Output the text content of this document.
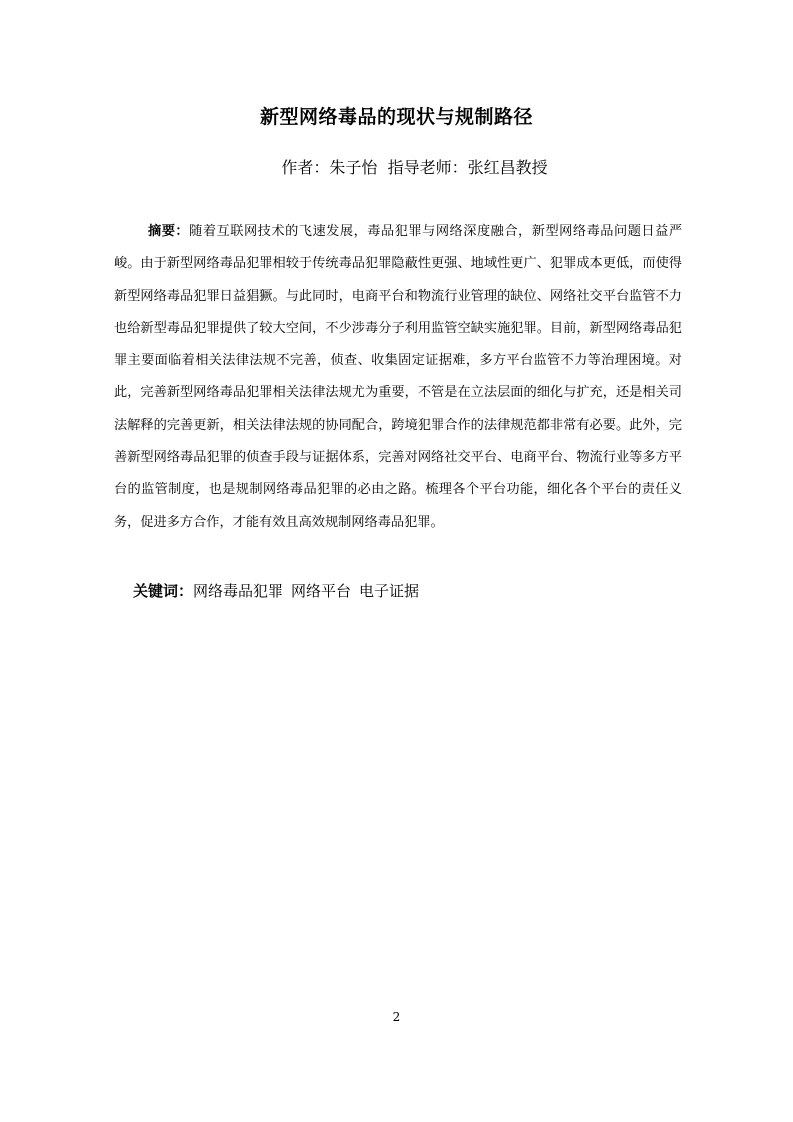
新型网络毒品的现状与规制路径
作者：朱子怡 指导老师：张红昌教授

摘要：随着互联网技术的飞速发展，毒品犯罪与网络深度融合，新型网络毒品问题日益严峻。由于新型网络毒品犯罪相较于传统毒品犯罪隐蔽性更强、地域性更广、犯罪成本更低，而使得新型网络毒品犯罪日益猖獗。与此同时，电商平台和物流行业管理的缺位、网络社交平台监管不力也给新型毒品犯罪提供了较大空间，不少涉毒分子利用监管空缺实施犯罪。目前，新型网络毒品犯罪主要面临着相关法律法规不完善，侦查、收集固定证据难，多方平台监管不力等治理困境。对此，完善新型网络毒品犯罪相关法律法规尤为重要，不管是在立法层面的细化与扩充，还是相关司法解释的完善更新，相关法律法规的协同配合，跨境犯罪合作的法律规范都非常有必要。此外，完善新型网络毒品犯罪的侦查手段与证据体系，完善对网络社交平台、电商平台、物流行业等多方平台的监管制度，也是规制网络毒品犯罪的必由之路。梳理各个平台功能，细化各个平台的责任义务，促进多方合作，才能有效且高效规制网络毒品犯罪。

关键词：网络毒品犯罪 网络平台 电子证据

2
